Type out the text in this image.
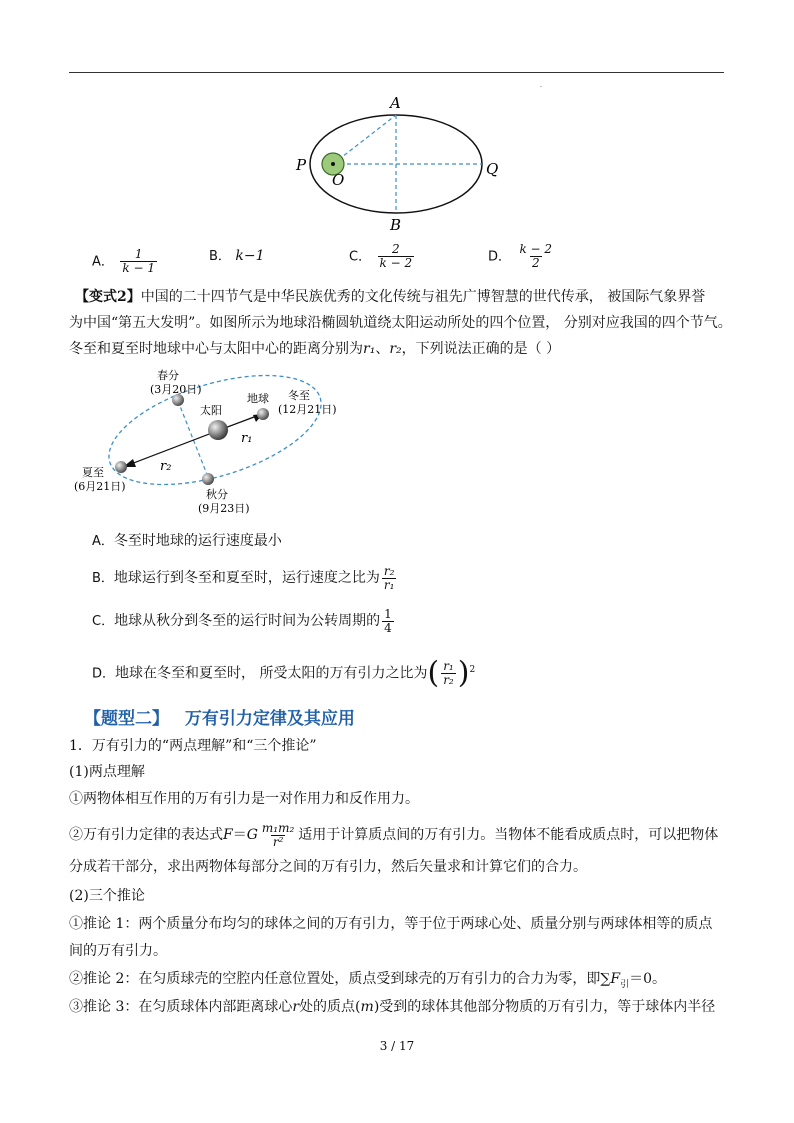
·
A
B
P	Q
O
A． $\frac{1}{k - 1}$	B． k−1	C． $\frac{2}{k - 2}$	D． $\frac{k - 2}{2}$
【变式2】中国的二十四节气是中华民族优秀的文化传统与祖先广博智慧的世代传承， 被国际气象界誉
为中国“第五大发明”。如图所示为地球沿椭圆轨道绕太阳运动所处的四个位置， 分别对应我国的四个节气。
冬至和夏至时地球中心与太阳中心的距离分别为r₁、r₂，下列说法正确的是（ ）
春分
(3月20日)
太阳
地球 冬至
(12月21日)
夏至
(6月21日)
秋分
(9月23日)
r₁
r₂
A．冬至时地球的运行速度最小
B．地球运行到冬至和夏至时，运行速度之比为 $\frac{\text{r₂}}{\text{r₁}}$
C．地球从秋分到冬至的运行时间为公转周期的 $\frac{1}{4}$
D．地球在冬至和夏至时， 所受太阳的万有引力之比为( $\frac{\text{r₁}}{\text{r₂}} )^2$
【题型二】 万有引力定律及其应用
1．万有引力的“两点理解”和“三个推论”
(1)两点理解
①两物体相互作用的万有引力是一对作用力和反作用力。
②万有引力定律的表达式$F=G \frac{\text{m₁m₂}}{\text{r²}}$ 适用于计算质点间的万有引力。当物体不能看成质点时，可以把物体
分成若干部分，求出两物体每部分之间的万有引力，然后矢量求和计算它们的合力。
(2)三个推论
①推论 1：两个质量分布均匀的球体之间的万有引力，等于位于两球心处、质量分别与两球体相等的质点
间的万有引力。
②推论 2：在匀质球壳的空腔内任意位置处，质点受到球壳的万有引力的合力为零，即$\sum F_引=0$。
③推论 3：在匀质球体内部距离球心r处的质点(m)受到的球体其他部分物质的万有引力，等于球体内半径
3 / 17
